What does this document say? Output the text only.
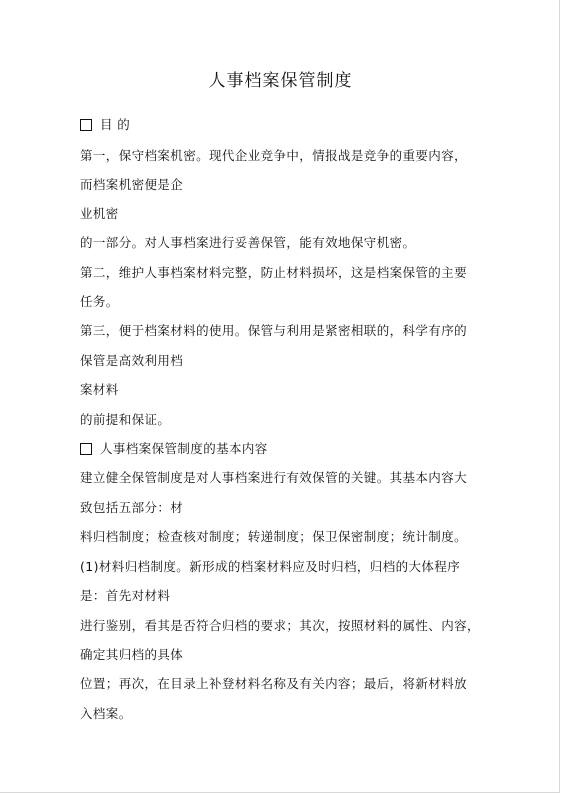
人事档案保管制度
目 的
第一，保守档案机密。现代企业竞争中，情报战是竞争的重要内容，
而档案机密便是企
业机密
的一部分。对人事档案进行妥善保管，能有效地保守机密。
第二，维护人事档案材料完整，防止材料损坏，这是档案保管的主要
任务。
第三，便于档案材料的使用。保管与利用是紧密相联的，科学有序的
保管是高效利用档
案材料
的前提和保证。
人事档案保管制度的基本内容
建立健全保管制度是对人事档案进行有效保管的关键。其基本内容大
致包括五部分：材
料归档制度；检查核对制度；转递制度；保卫保密制度；统计制度。
(1)材料归档制度。新形成的档案材料应及时归档，归档的大体程序
是：首先对材料
进行鉴别，看其是否符合归档的要求；其次，按照材料的属性、内容，
确定其归档的具体
位置；再次，在目录上补登材料名称及有关内容；最后，将新材料放
入档案。
